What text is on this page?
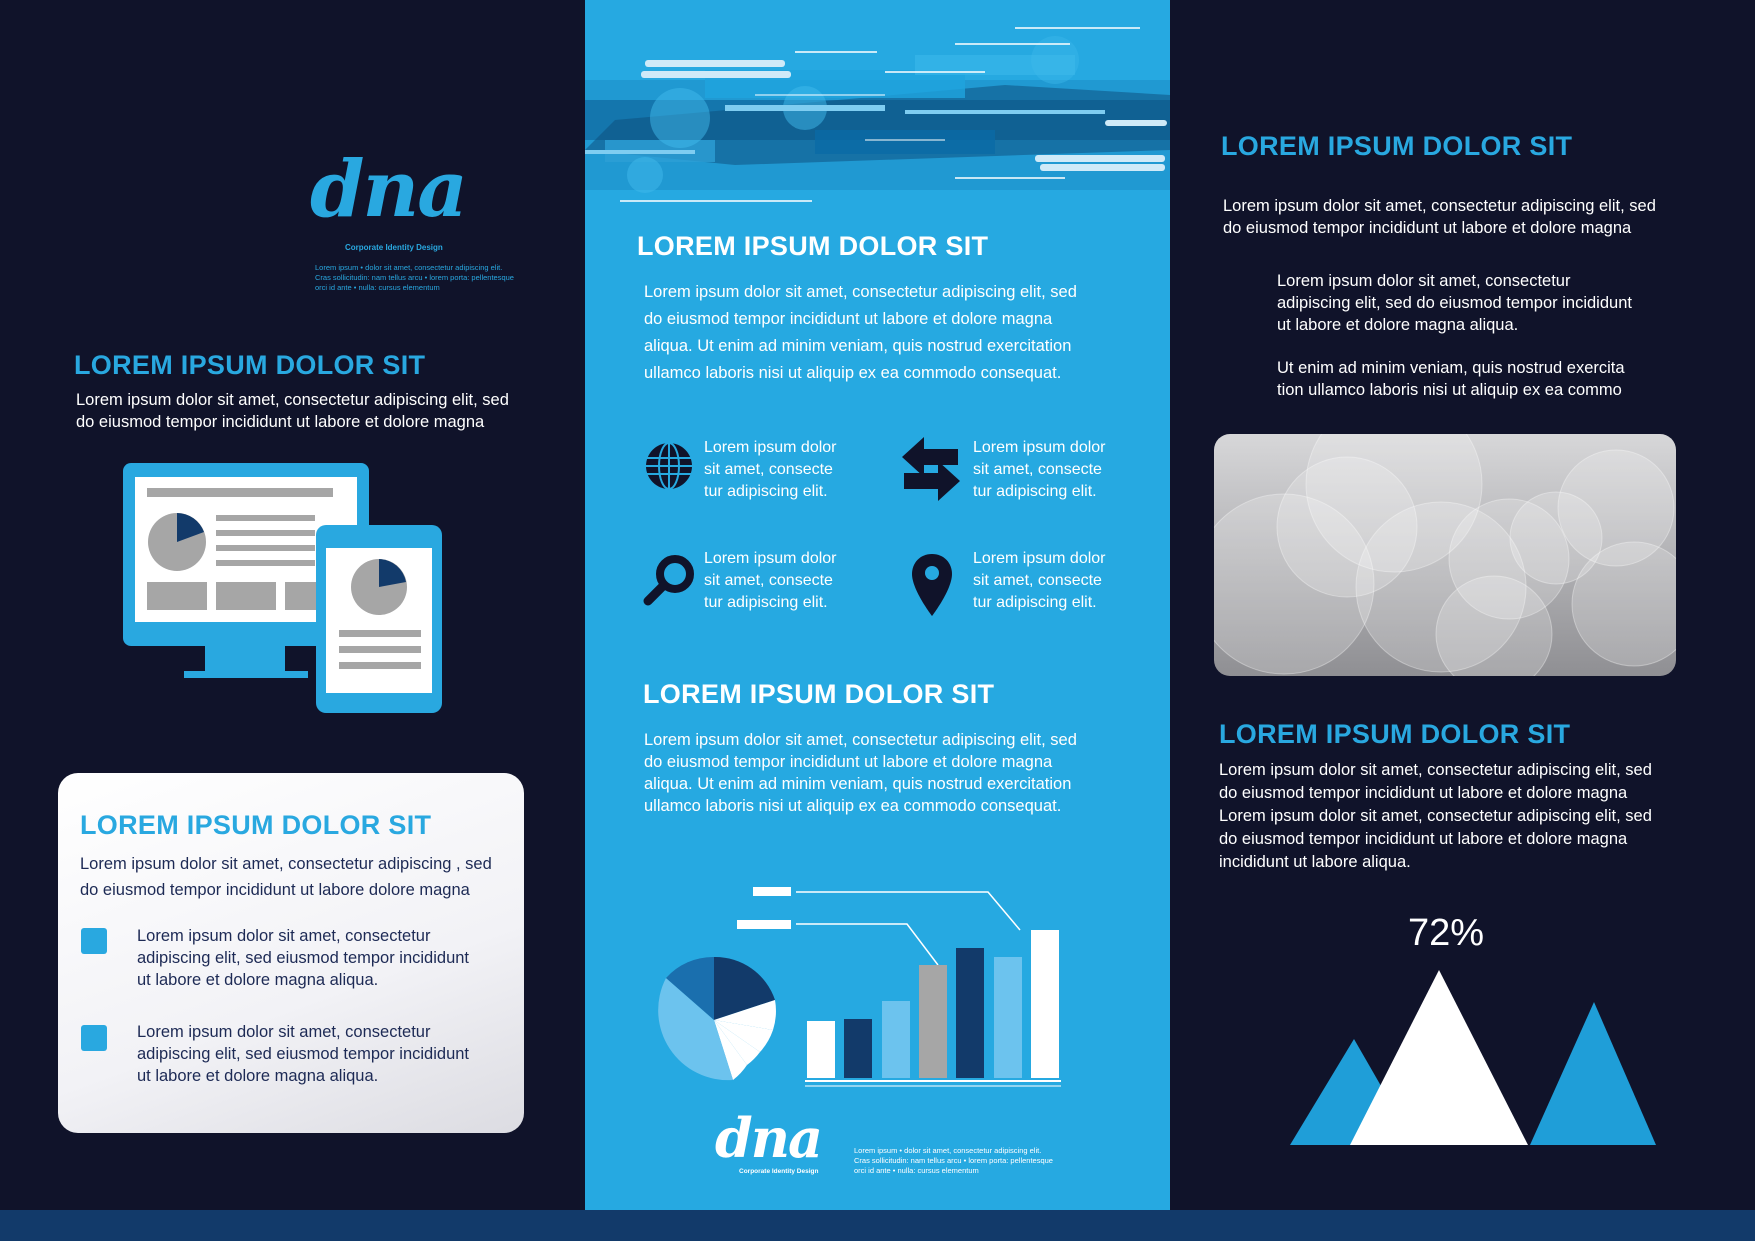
dna
Corporate Identity Design
Lorem ipsum • dolor sit amet, consectetur adipiscing elit.
Cras sollicitudin: nam tellus arcu • lorem porta: pellentesque
orci id ante • nulla: cursus elementum
LOREM IPSUM DOLOR SIT
Lorem ipsum dolor sit amet, consectetur adipiscing elit, sed
do eiusmod tempor incididunt ut labore et dolore magna
LOREM IPSUM DOLOR SIT
Lorem ipsum dolor sit amet, consectetur adipiscing , sed
do eiusmod tempor incididunt ut labore dolore magna
Lorem ipsum dolor sit amet, consectetur
adipiscing elit, sed eiusmod tempor incididunt
ut labore et dolore magna aliqua.
Lorem ipsum dolor sit amet, consectetur
adipiscing elit, sed eiusmod tempor incididunt
ut labore et dolore magna aliqua.
LOREM IPSUM DOLOR SIT
Lorem ipsum dolor sit amet, consectetur adipiscing elit, sed
do eiusmod tempor incididunt ut labore et dolore magna
aliqua. Ut enim ad minim veniam, quis nostrud exercitation
ullamco laboris nisi ut aliquip ex ea commodo consequat.
Lorem ipsum dolor
sit amet, consecte
tur adipiscing elit.
Lorem ipsum dolor
sit amet, consecte
tur adipiscing elit.
Lorem ipsum dolor
sit amet, consecte
tur adipiscing elit.
Lorem ipsum dolor
sit amet, consecte
tur adipiscing elit.
LOREM IPSUM DOLOR SIT
Lorem ipsum dolor sit amet, consectetur adipiscing elit, sed
do eiusmod tempor incididunt ut labore et dolore magna
aliqua. Ut enim ad minim veniam, quis nostrud exercitation
ullamco laboris nisi ut aliquip ex ea commodo consequat.
dna
Corporate Identity Design
Lorem ipsum • dolor sit amet, consectetur adipiscing elit.
Cras sollicitudin: nam tellus arcu • lorem porta: pellentesque
orci id ante • nulla: cursus elementum
LOREM IPSUM DOLOR SIT
Lorem ipsum dolor sit amet, consectetur adipiscing elit, sed
do eiusmod tempor incididunt ut labore et dolore magna
Lorem ipsum dolor sit amet, consectetur
adipiscing elit, sed do eiusmod tempor incididunt
ut labore et dolore magna aliqua.
Ut enim ad minim veniam, quis nostrud exercita
tion ullamco laboris nisi ut aliquip ex ea commo
LOREM IPSUM DOLOR SIT
Lorem ipsum dolor sit amet, consectetur adipiscing elit, sed
do eiusmod tempor incididunt ut labore et dolore magna
Lorem ipsum dolor sit amet, consectetur adipiscing elit, sed
do eiusmod tempor incididunt ut labore et dolore magna
incididunt ut labore aliqua.
72%
